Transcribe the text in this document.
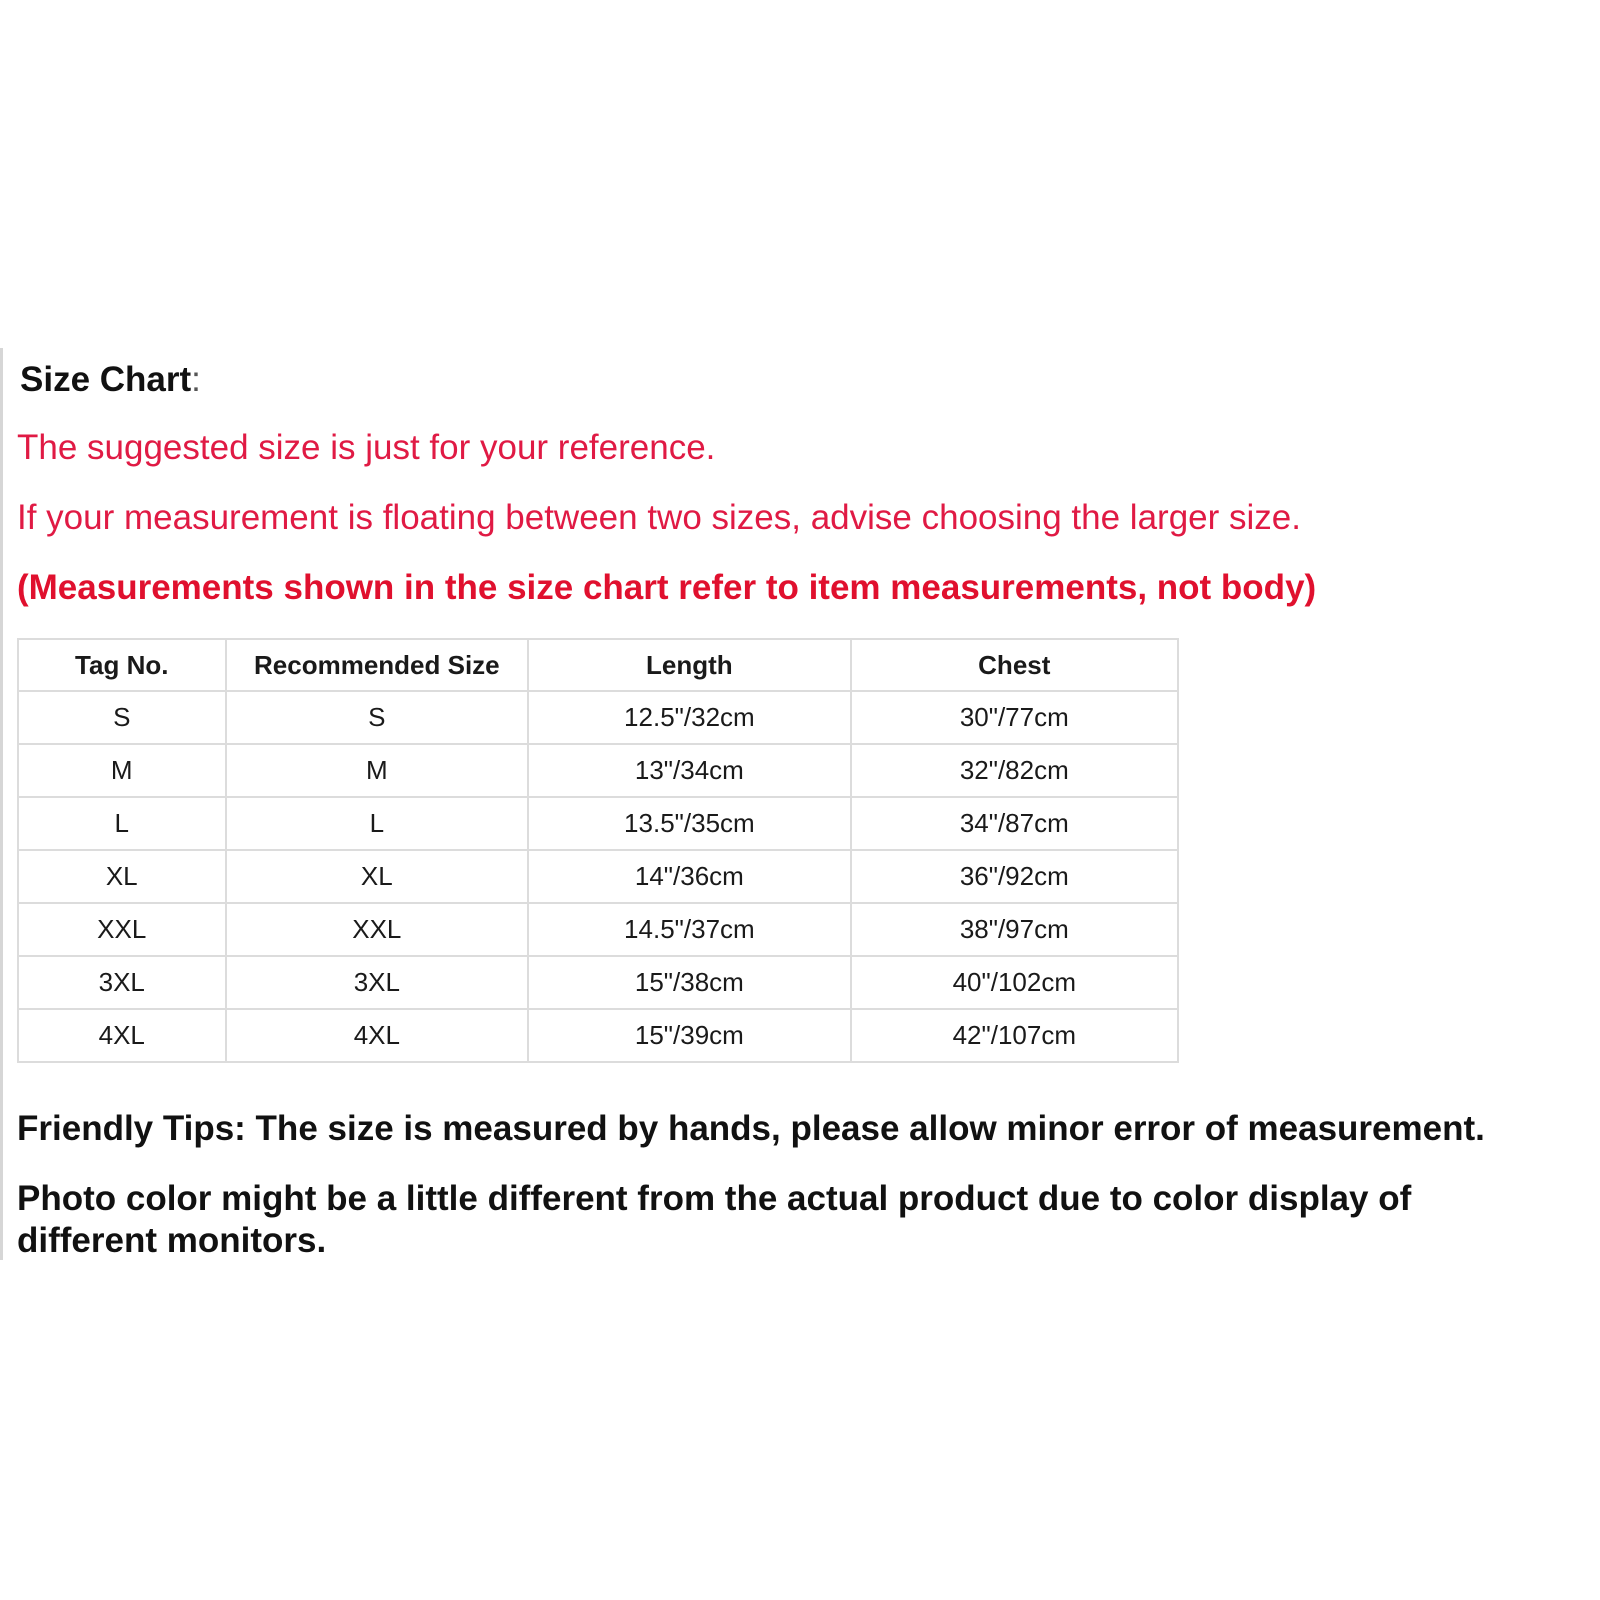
Size Chart:
The suggested size is just for your reference.
If your measurement is floating between two sizes, advise choosing the larger size.
(Measurements shown in the size chart refer to item measurements, not body)
Tag No.	Recommended Size	Length	Chest
S	S	12.5"/32cm	30"/77cm
M	M	13"/34cm	32"/82cm
L	L	13.5"/35cm	34"/87cm
XL	XL	14"/36cm	36"/92cm
XXL	XXL	14.5"/37cm	38"/97cm
3XL	3XL	15"/38cm	40"/102cm
4XL	4XL	15"/39cm	42"/107cm
Friendly Tips: The size is measured by hands, please allow minor error of measurement.
Photo color might be a little different from the actual product due to color display of different monitors.
